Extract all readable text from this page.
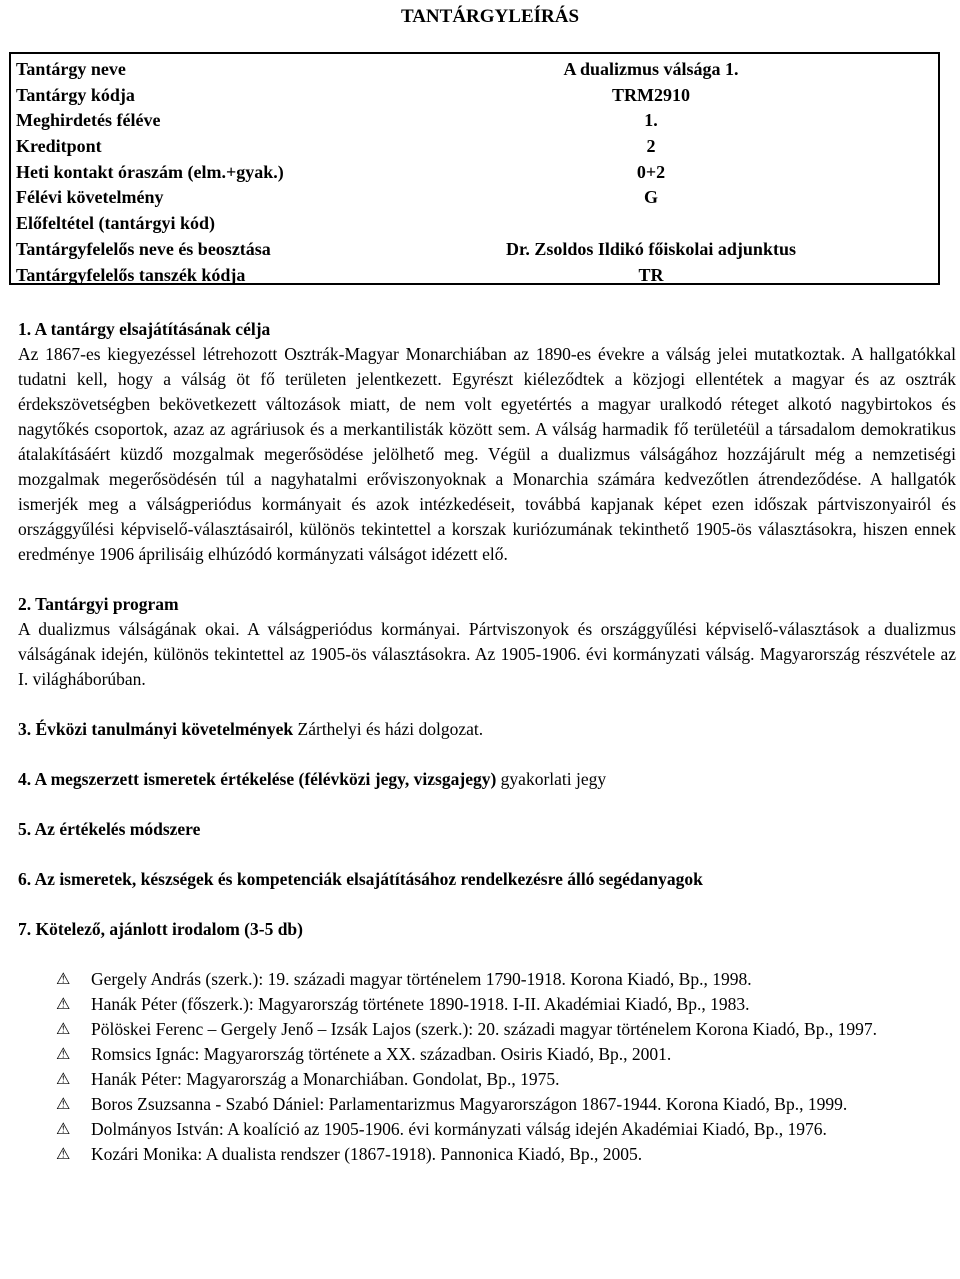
TANTÁRGYLEÍRÁS
Tantárgy neve	A dualizmus válsága 1.
Tantárgy kódja	TRM2910
Meghirdetés féléve	1.
Kreditpont	2
Heti kontakt óraszám (elm.+gyak.)	0+2
Félévi követelmény	G
Előfeltétel (tantárgyi kód)
Tantárgyfelelős neve és beosztása	Dr. Zsoldos Ildikó főiskolai adjunktus
Tantárgyfelelős tanszék kódja	TR

1. A tantárgy elsajátításának célja

Az 1867-es kiegyezéssel létrehozott Osztrák-Magyar Monarchiában az 1890-es évekre a válság jelei mutatkoztak. A hallgatókkal tudatni kell, hogy a válság öt fő területen jelentkezett. Egyrészt kiéleződtek a közjogi ellentétek a magyar és az osztrák érdekszövetségben bekövetkezett változások miatt, de nem volt egyetértés a magyar uralkodó réteget alkotó nagybirtokos és nagytőkés csoportok, azaz az agráriusok és a merkantilisták között sem. A válság harmadik fő területéül a társadalom demokratikus átalakításáért küzdő mozgalmak megerősödése jelölhető meg. Végül a dualizmus válságához hozzájárult még a nemzetiségi mozgalmak megerősödésén túl a nagyhatalmi erőviszonyoknak a Monarchia számára kedvezőtlen átrendeződése. A hallgatók ismerjék meg a válságperiódus kormányait és azok intézkedéseit, továbbá kapjanak képet ezen időszak pártviszonyairól és országgyűlési képviselő-választásairól, különös tekintettel a korszak kuriózumának tekinthető 1905-ös választásokra, hiszen ennek eredménye 1906 áprilisáig elhúzódó kormányzati válságot idézett elő.

2. Tantárgyi program

A dualizmus válságának okai. A válságperiódus kormányai. Pártviszonyok és országgyűlési képviselő-választások a dualizmus válságának idején, különös tekintettel az 1905-ös választásokra. Az 1905-1906. évi kormányzati válság. Magyarország részvétele az I. világháborúban.

3. Évközi tanulmányi követelmények Zárthelyi és házi dolgozat.

4. A megszerzett ismeretek értékelése (félévközi jegy, vizsgajegy) gyakorlati jegy

5. Az értékelés módszere

6. Az ismeretek, készségek és kompetenciák elsajátításához rendelkezésre álló segédanyagok

7. Kötelező, ajánlott irodalom (3-5 db)

⚠ Gergely András (szerk.): 19. századi magyar történelem 1790-1918. Korona Kiadó, Bp., 1998.
⚠ Hanák Péter (főszerk.): Magyarország története 1890-1918. I-II. Akadémiai Kiadó, Bp., 1983.
⚠ Pölöskei Ferenc – Gergely Jenő – Izsák Lajos (szerk.): 20. századi magyar történelem Korona Kiadó, Bp., 1997.
⚠ Romsics Ignác: Magyarország története a XX. században. Osiris Kiadó, Bp., 2001.
⚠ Hanák Péter: Magyarország a Monarchiában. Gondolat, Bp., 1975.
⚠ Boros Zsuzsanna - Szabó Dániel: Parlamentarizmus Magyarországon 1867-1944. Korona Kiadó, Bp., 1999.
⚠ Dolmányos István: A koalíció az 1905-1906. évi kormányzati válság idején Akadémiai Kiadó, Bp., 1976.
⚠ Kozári Monika: A dualista rendszer (1867-1918). Pannonica Kiadó, Bp., 2005.
